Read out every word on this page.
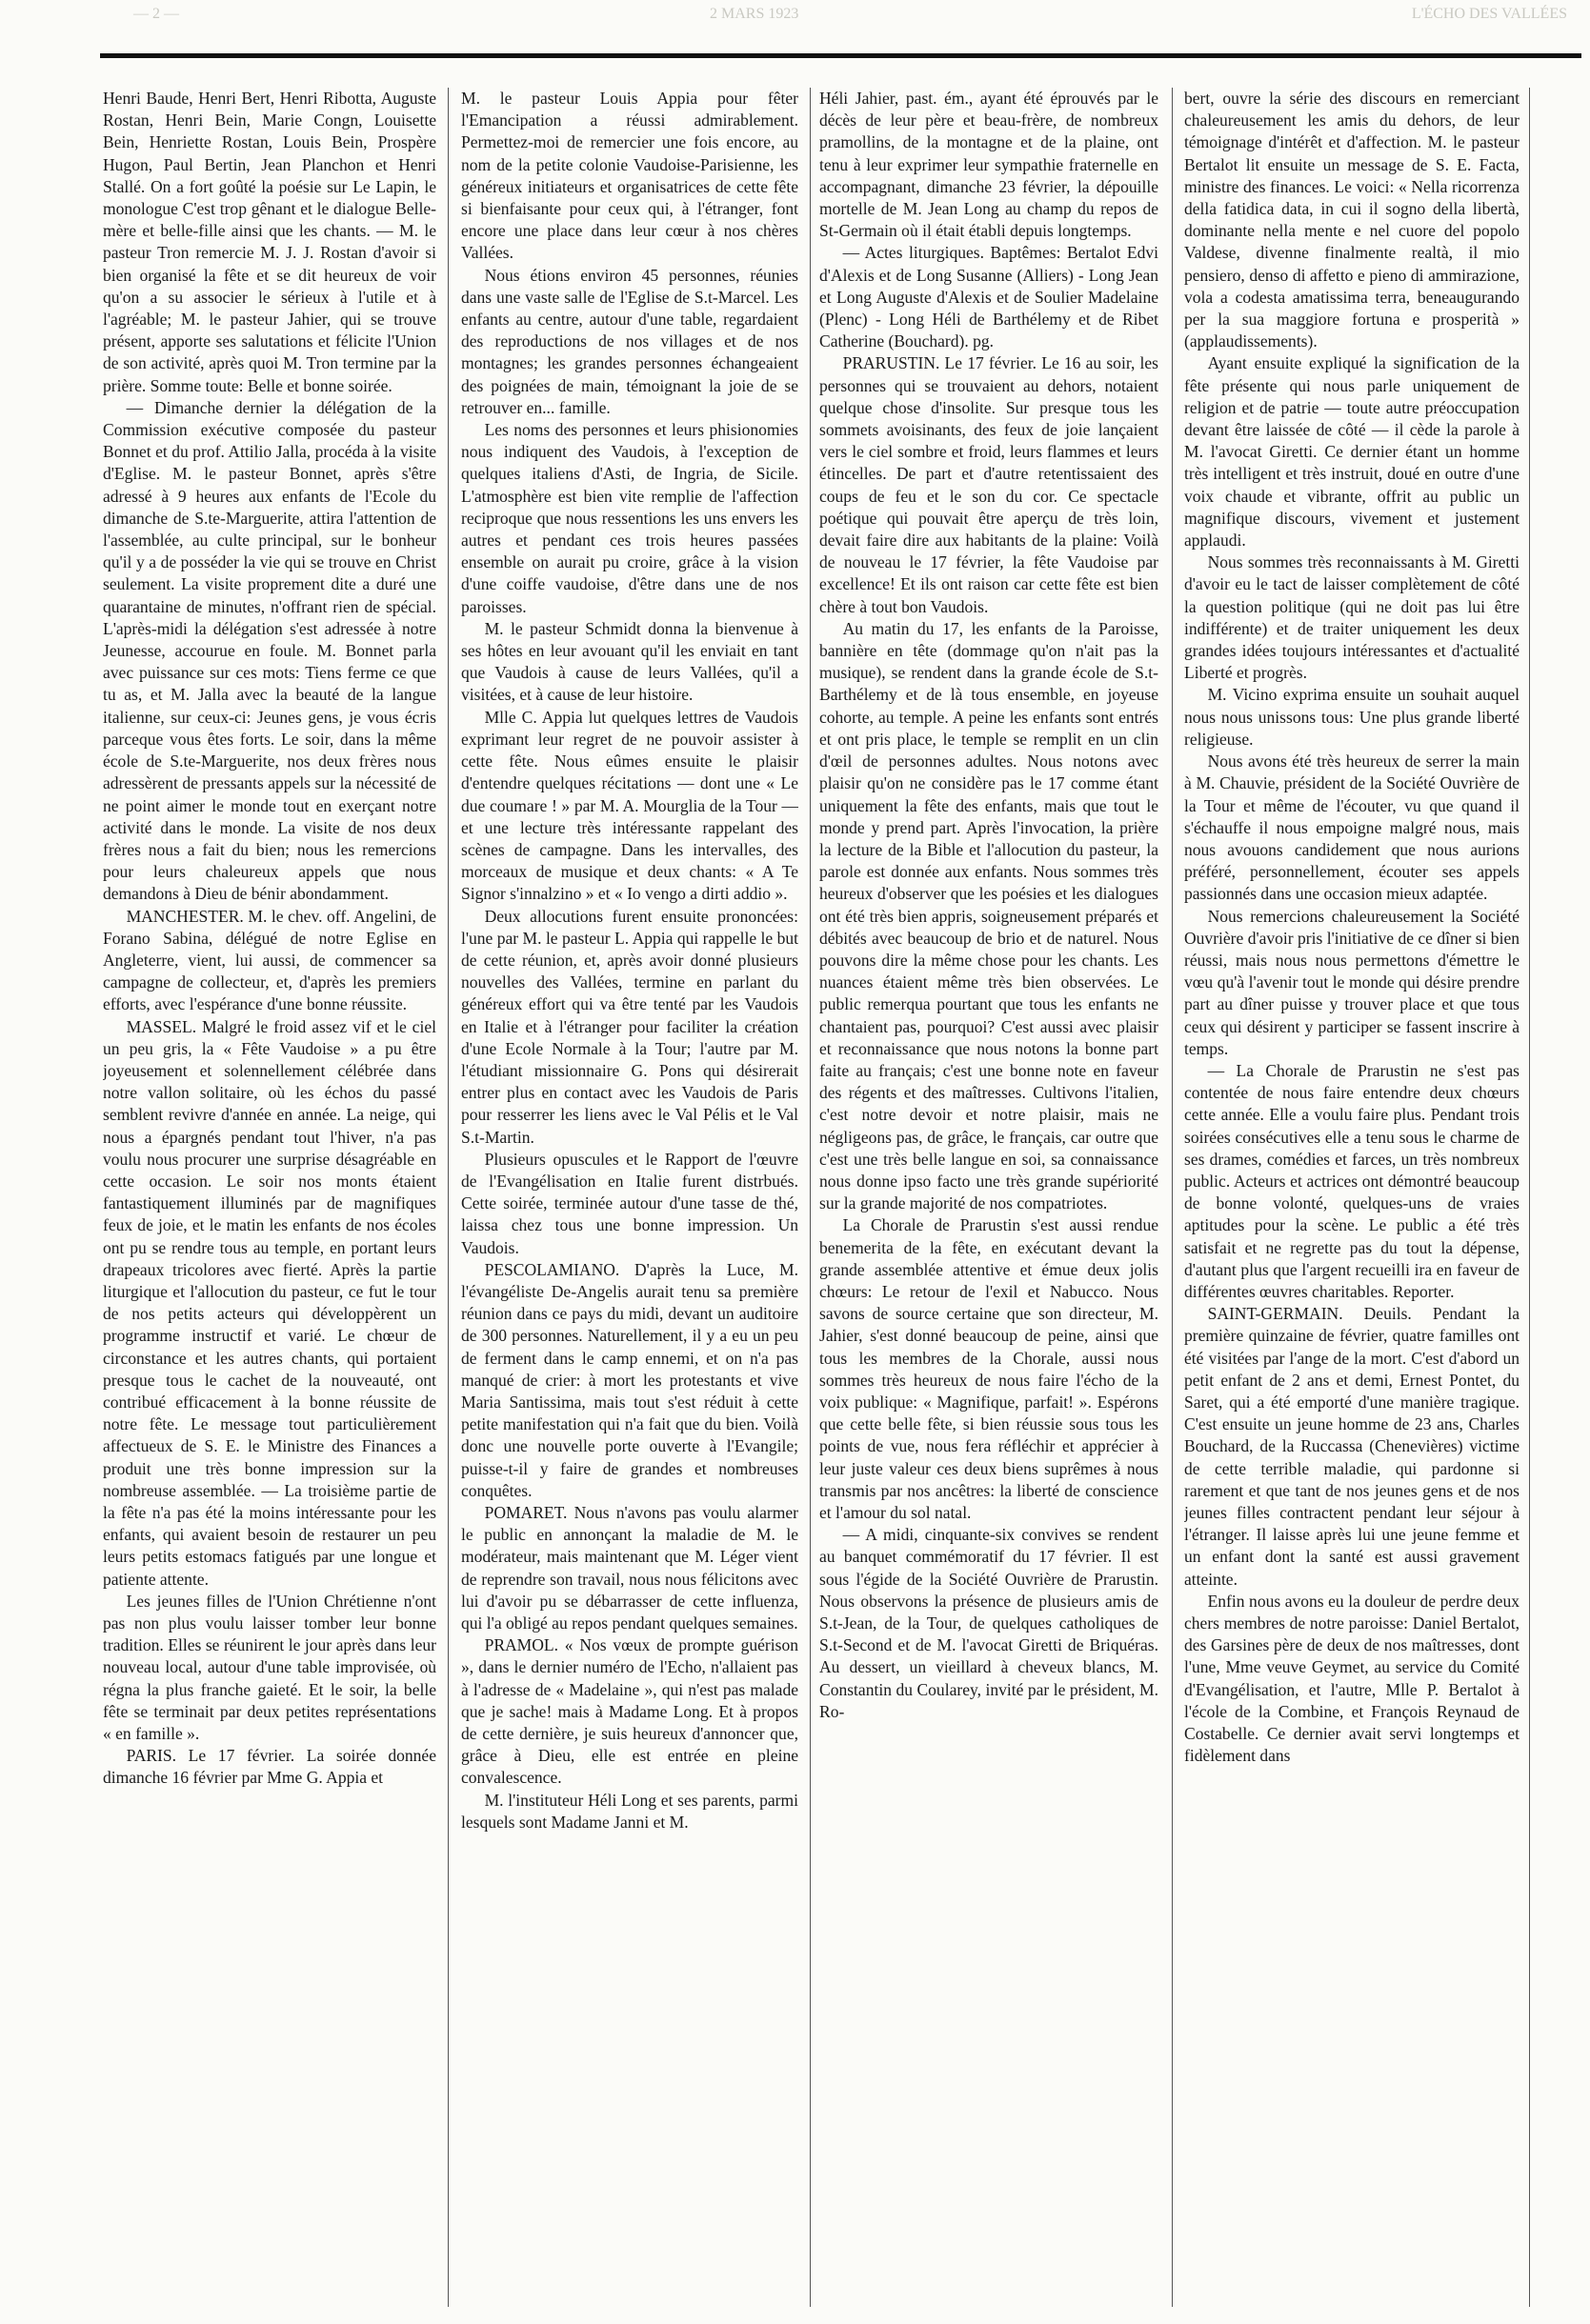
— 2 —	2 MARS 1923	L'ÉCHO DES VALLÉES

Henri Baude, Henri Bert, Henri Ribotta, Auguste Rostan, Henri Bein, Marie Congn, Louisette Bein, Henriette Rostan, Louis Bein, Prospère Hugon, Paul Bertin, Jean Planchon et Henri Stallé. On a fort goûté la poésie sur Le Lapin, le monologue C'est trop gênant et le dialogue Belle-mère et belle-fille ainsi que les chants. — M. le pasteur Tron remercie M. J. J. Rostan d'avoir si bien organisé la fête et se dit heureux de voir qu'on a su associer le sérieux à l'utile et à l'agréable; M. le pasteur Jahier, qui se trouve présent, apporte ses salutations et félicite l'Union de son activité, après quoi M. Tron termine par la prière. Somme toute: Belle et bonne soirée.

— Dimanche dernier la délégation de la Commission exécutive composée du pasteur Bonnet et du prof. Attilio Jalla, procéda à la visite d'Eglise. M. le pasteur Bonnet, après s'être adressé à 9 heures aux enfants de l'Ecole du dimanche de S.te-Marguerite, attira l'attention de l'assemblée, au culte principal, sur le bonheur qu'il y a de posséder la vie qui se trouve en Christ seulement. La visite proprement dite a duré une quarantaine de minutes, n'offrant rien de spécial. L'après-midi la délégation s'est adressée à notre Jeunesse, accourue en foule. M. Bonnet parla avec puissance sur ces mots: Tiens ferme ce que tu as, et M. Jalla avec la beauté de la langue italienne, sur ceux-ci: Jeunes gens, je vous écris parceque vous êtes forts. Le soir, dans la même école de S.te-Marguerite, nos deux frères nous adressèrent de pressants appels sur la nécessité de ne point aimer le monde tout en exerçant notre activité dans le monde. La visite de nos deux frères nous a fait du bien; nous les remercions pour leurs chaleureux appels que nous demandons à Dieu de bénir abondamment.

MANCHESTER. M. le chev. off. Angelini, de Forano Sabina, délégué de notre Eglise en Angleterre, vient, lui aussi, de commencer sa campagne de collecteur, et, d'après les premiers efforts, avec l'espérance d'une bonne réussite.

MASSEL. Malgré le froid assez vif et le ciel un peu gris, la « Fête Vaudoise » a pu être joyeusement et solennellement célébrée dans notre vallon solitaire, où les échos du passé semblent revivre d'année en année. La neige, qui nous a épargnés pendant tout l'hiver, n'a pas voulu nous procurer une surprise désagréable en cette occasion. Le soir nos monts étaient fantastiquement illuminés par de magnifiques feux de joie, et le matin les enfants de nos écoles ont pu se rendre tous au temple, en portant leurs drapeaux tricolores avec fierté. Après la partie liturgique et l'allocution du pasteur, ce fut le tour de nos petits acteurs qui développèrent un programme instructif et varié. Le chœur de circonstance et les autres chants, qui portaient presque tous le cachet de la nouveauté, ont contribué efficacement à la bonne réussite de notre fête. Le message tout particulièrement affectueux de S. E. le Ministre des Finances a produit une très bonne impression sur la nombreuse assemblée. — La troisième partie de la fête n'a pas été la moins intéressante pour les enfants, qui avaient besoin de restaurer un peu leurs petits estomacs fatigués par une longue et patiente attente.

Les jeunes filles de l'Union Chrétienne n'ont pas non plus voulu laisser tomber leur bonne tradition. Elles se réunirent le jour après dans leur nouveau local, autour d'une table improvisée, où régna la plus franche gaieté. Et le soir, la belle fête se terminait par deux petites représentations « en famille ».

PARIS. Le 17 février. La soirée donnée dimanche 16 février par Mme G. Appia et

M. le pasteur Louis Appia pour fêter l'Emancipation a réussi admirablement. Permettez-moi de remercier une fois encore, au nom de la petite colonie Vaudoise-Parisienne, les généreux initiateurs et organisatrices de cette fête si bienfaisante pour ceux qui, à l'étranger, font encore une place dans leur cœur à nos chères Vallées.

Nous étions environ 45 personnes, réunies dans une vaste salle de l'Eglise de S.t-Marcel. Les enfants au centre, autour d'une table, regardaient des reproductions de nos villages et de nos montagnes; les grandes personnes échangeaient des poignées de main, témoignant la joie de se retrouver en... famille.

Les noms des personnes et leurs phisionomies nous indiquent des Vaudois, à l'exception de quelques italiens d'Asti, de Ingria, de Sicile. L'atmosphère est bien vite remplie de l'affection reciproque que nous ressentions les uns envers les autres et pendant ces trois heures passées ensemble on aurait pu croire, grâce à la vision d'une coiffe vaudoise, d'être dans une de nos paroisses.

M. le pasteur Schmidt donna la bienvenue à ses hôtes en leur avouant qu'il les enviait en tant que Vaudois à cause de leurs Vallées, qu'il a visitées, et à cause de leur histoire.

Mlle C. Appia lut quelques lettres de Vaudois exprimant leur regret de ne pouvoir assister à cette fête. Nous eûmes ensuite le plaisir d'entendre quelques récitations — dont une « Le due coumare ! » par M. A. Mourglia de la Tour — et une lecture très intéressante rappelant des scènes de campagne. Dans les intervalles, des morceaux de musique et deux chants: « A Te Signor s'innalzino » et « Io vengo a dirti addio ».

Deux allocutions furent ensuite prononcées: l'une par M. le pasteur L. Appia qui rappelle le but de cette réunion, et, après avoir donné plusieurs nouvelles des Vallées, termine en parlant du généreux effort qui va être tenté par les Vaudois en Italie et à l'étranger pour faciliter la création d'une Ecole Normale à la Tour; l'autre par M. l'étudiant missionnaire G. Pons qui désirerait entrer plus en contact avec les Vaudois de Paris pour resserrer les liens avec le Val Pélis et le Val S.t-Martin.

Plusieurs opuscules et le Rapport de l'œuvre de l'Evangélisation en Italie furent distrbués. Cette soirée, terminée autour d'une tasse de thé, laissa chez tous une bonne impression. Un Vaudois.

PESCOLAMIANO. D'après la Luce, M. l'évangéliste De-Angelis aurait tenu sa première réunion dans ce pays du midi, devant un auditoire de 300 personnes. Naturellement, il y a eu un peu de ferment dans le camp ennemi, et on n'a pas manqué de crier: à mort les protestants et vive Maria Santissima, mais tout s'est réduit à cette petite manifestation qui n'a fait que du bien. Voilà donc une nouvelle porte ouverte à l'Evangile; puisse-t-il y faire de grandes et nombreuses conquêtes.

POMARET. Nous n'avons pas voulu alarmer le public en annonçant la maladie de M. le modérateur, mais maintenant que M. Léger vient de reprendre son travail, nous nous félicitons avec lui d'avoir pu se débarrasser de cette influenza, qui l'a obligé au repos pendant quelques semaines.

PRAMOL. « Nos vœux de prompte guérison », dans le dernier numéro de l'Echo, n'allaient pas à l'adresse de « Madelaine », qui n'est pas malade que je sache! mais à Madame Long. Et à propos de cette dernière, je suis heureux d'annoncer que, grâce à Dieu, elle est entrée en pleine convalescence.

M. l'instituteur Héli Long et ses parents, parmi lesquels sont Madame Janni et M.

Héli Jahier, past. ém., ayant été éprouvés par le décès de leur père et beau-frère, de nombreux pramollins, de la montagne et de la plaine, ont tenu à leur exprimer leur sympathie fraternelle en accompagnant, dimanche 23 février, la dépouille mortelle de M. Jean Long au champ du repos de St-Germain où il était établi depuis longtemps.

— Actes liturgiques. Baptêmes: Bertalot Edvi d'Alexis et de Long Susanne (Alliers) - Long Jean et Long Auguste d'Alexis et de Soulier Madelaine (Plenc) - Long Héli de Barthélemy et de Ribet Catherine (Bouchard). pg.

PRARUSTIN. Le 17 février. Le 16 au soir, les personnes qui se trouvaient au dehors, notaient quelque chose d'insolite. Sur presque tous les sommets avoisinants, des feux de joie lançaient vers le ciel sombre et froid, leurs flammes et leurs étincelles. De part et d'autre retentissaient des coups de feu et le son du cor. Ce spectacle poétique qui pouvait être aperçu de très loin, devait faire dire aux habitants de la plaine: Voilà de nouveau le 17 février, la fête Vaudoise par excellence! Et ils ont raison car cette fête est bien chère à tout bon Vaudois.

Au matin du 17, les enfants de la Paroisse, bannière en tête (dommage qu'on n'ait pas la musique), se rendent dans la grande école de S.t-Barthélemy et de là tous ensemble, en joyeuse cohorte, au temple. A peine les enfants sont entrés et ont pris place, le temple se remplit en un clin d'œil de personnes adultes. Nous notons avec plaisir qu'on ne considère pas le 17 comme étant uniquement la fête des enfants, mais que tout le monde y prend part. Après l'invocation, la prière la lecture de la Bible et l'allocution du pasteur, la parole est donnée aux enfants. Nous sommes très heureux d'observer que les poésies et les dialogues ont été très bien appris, soigneusement préparés et débités avec beaucoup de brio et de naturel. Nous pouvons dire la même chose pour les chants. Les nuances étaient même très bien observées. Le public remerqua pourtant que tous les enfants ne chantaient pas, pourquoi? C'est aussi avec plaisir et reconnaissance que nous notons la bonne part faite au français; c'est une bonne note en faveur des régents et des maîtresses. Cultivons l'italien, c'est notre devoir et notre plaisir, mais ne négligeons pas, de grâce, le français, car outre que c'est une très belle langue en soi, sa connaissance nous donne ipso facto une très grande supériorité sur la grande majorité de nos compatriotes.

La Chorale de Prarustin s'est aussi rendue benemerita de la fête, en exécutant devant la grande assemblée attentive et émue deux jolis chœurs: Le retour de l'exil et Nabucco. Nous savons de source certaine que son directeur, M. Jahier, s'est donné beaucoup de peine, ainsi que tous les membres de la Chorale, aussi nous sommes très heureux de nous faire l'écho de la voix publique: « Magnifique, parfait! ». Espérons que cette belle fête, si bien réussie sous tous les points de vue, nous fera réfléchir et apprécier à leur juste valeur ces deux biens suprêmes à nous transmis par nos ancêtres: la liberté de conscience et l'amour du sol natal.

— A midi, cinquante-six convives se rendent au banquet commémoratif du 17 février. Il est sous l'égide de la Société Ouvrière de Prarustin. Nous observons la présence de plusieurs amis de S.t-Jean, de la Tour, de quelques catholiques de S.t-Second et de M. l'avocat Giretti de Briquéras. Au dessert, un vieillard à cheveux blancs, M. Constantin du Coularey, invité par le président, M. Ro-

bert, ouvre la série des discours en remerciant chaleureusement les amis du dehors, de leur témoignage d'intérêt et d'affection. M. le pasteur Bertalot lit ensuite un message de S. E. Facta, ministre des finances. Le voici: « Nella ricorrenza della fatidica data, in cui il sogno della libertà, dominante nella mente e nel cuore del popolo Valdese, divenne finalmente realtà, il mio pensiero, denso di affetto e pieno di ammirazione, vola a codesta amatissima terra, beneaugurando per la sua maggiore fortuna e prosperità » (applaudissements).

Ayant ensuite expliqué la signification de la fête présente qui nous parle uniquement de religion et de patrie — toute autre préoccupation devant être laissée de côté — il cède la parole à M. l'avocat Giretti. Ce dernier étant un homme très intelligent et très instruit, doué en outre d'une voix chaude et vibrante, offrit au public un magnifique discours, vivement et justement applaudi.

Nous sommes très reconnaissants à M. Giretti d'avoir eu le tact de laisser complètement de côté la question politique (qui ne doit pas lui être indifférente) et de traiter uniquement les deux grandes idées toujours intéressantes et d'actualité Liberté et progrès.

M. Vicino exprima ensuite un souhait auquel nous nous unissons tous: Une plus grande liberté religieuse.

Nous avons été très heureux de serrer la main à M. Chauvie, président de la Société Ouvrière de la Tour et même de l'écouter, vu que quand il s'échauffe il nous empoigne malgré nous, mais nous avouons candidement que nous aurions préféré, personnellement, écouter ses appels passionnés dans une occasion mieux adaptée.

Nous remercions chaleureusement la Société Ouvrière d'avoir pris l'initiative de ce dîner si bien réussi, mais nous nous permettons d'émettre le vœu qu'à l'avenir tout le monde qui désire prendre part au dîner puisse y trouver place et que tous ceux qui désirent y participer se fassent inscrire à temps.

— La Chorale de Prarustin ne s'est pas contentée de nous faire entendre deux chœurs cette année. Elle a voulu faire plus. Pendant trois soirées consécutives elle a tenu sous le charme de ses drames, comédies et farces, un très nombreux public. Acteurs et actrices ont démontré beaucoup de bonne volonté, quelques-uns de vraies aptitudes pour la scène. Le public a été très satisfait et ne regrette pas du tout la dépense, d'autant plus que l'argent recueilli ira en faveur de différentes œuvres charitables. Reporter.

SAINT-GERMAIN. Deuils. Pendant la première quinzaine de février, quatre familles ont été visitées par l'ange de la mort. C'est d'abord un petit enfant de 2 ans et demi, Ernest Pontet, du Saret, qui a été emporté d'une manière tragique. C'est ensuite un jeune homme de 23 ans, Charles Bouchard, de la Ruccassa (Chenevières) victime de cette terrible maladie, qui pardonne si rarement et que tant de nos jeunes gens et de nos jeunes filles contractent pendant leur séjour à l'étranger. Il laisse après lui une jeune femme et un enfant dont la santé est aussi gravement atteinte.

Enfin nous avons eu la douleur de perdre deux chers membres de notre paroisse: Daniel Bertalot, des Garsines père de deux de nos maîtresses, dont l'une, Mme veuve Geymet, au service du Comité d'Evangélisation, et l'autre, Mlle P. Bertalot à l'école de la Combine, et François Reynaud de Costabelle. Ce dernier avait servi longtemps et fidèlement dans
